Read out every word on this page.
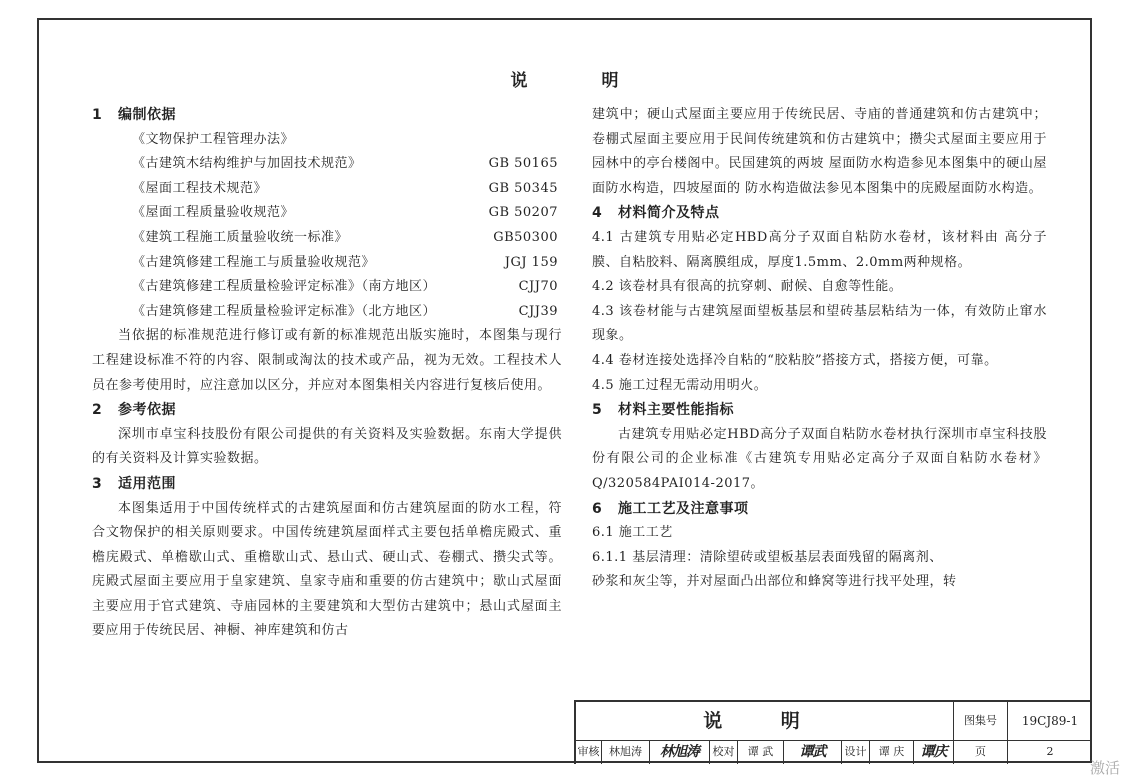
说 明
1 编制依据
《文物保护工程管理办法》
《古建筑木结构维护与加固技术规范》	GB 50165
《屋面工程技术规范》	GB 50345
《屋面工程质量验收规范》	GB 50207
《建筑工程施工质量验收统一标准》	GB50300
《古建筑修建工程施工与质量验收规范》	JGJ 159
《古建筑修建工程质量检验评定标准》（南方地区）	CJJ70
《古建筑修建工程质量检验评定标准》（北方地区）	CJJ39
当依据的标准规范进行修订或有新的标准规范出版实施时，本图集与现行工程建设标准不符的内容、限制或淘汰的技术或产品，视为无效。工程技术人员在参考使用时，应注意加以区分，并应对本图集相关内容进行复核后使用。
2 参考依据
深圳市卓宝科技股份有限公司提供的有关资料及实验数据。东南大学提供的有关资料及计算实验数据。
3 适用范围
本图集适用于中国传统样式的古建筑屋面和仿古建筑屋面的防水工程，符合文物保护的相关原则要求。中国传统建筑屋面样式主要包括单檐庑殿式、重檐庑殿式、单檐歇山式、重檐歇山式、悬山式、硬山式、卷棚式、攒尖式等。庑殿式屋面主要应用于皇家建筑、皇家寺庙和重要的仿古建筑中；歇山式屋面主要应用于官式建筑、寺庙园林的主要建筑和大型仿古建筑中；悬山式屋面主要应用于传统民居、神橱、神库建筑和仿古
建筑中；硬山式屋面主要应用于传统民居、寺庙的普通建筑和仿古建筑中；卷棚式屋面主要应用于民间传统建筑和仿古建筑中；攒尖式屋面主要应用于园林中的亭台楼阁中。民国建筑的两坡 屋面防水构造参见本图集中的硬山屋面防水构造，四坡屋面的 防水构造做法参见本图集中的庑殿屋面防水构造。
4 材料简介及特点
4.1 古建筑专用贴必定HBD高分子双面自粘防水卷材，该材料由 高分子膜、自粘胶料、隔离膜组成，厚度1.5mm、2.0mm两种规格。
4.2 该卷材具有很高的抗穿刺、耐候、自愈等性能。
4.3 该卷材能与古建筑屋面望板基层和望砖基层粘结为一体，有效防止窜水现象。
4.4 卷材连接处选择冷自粘的“胶粘胶”搭接方式，搭接方便，可靠。
4.5 施工过程无需动用明火。
5 材料主要性能指标
古建筑专用贴必定HBD高分子双面自粘防水卷材执行深圳市卓宝科技股份有限公司的企业标准《古建筑专用贴必定高分子双面自粘防水卷材》Q/320584PAI014-2017。
6 施工工艺及注意事项
6.1 施工工艺
6.1.1 基层清理：清除望砖或望板基层表面残留的隔离剂、
砂浆和灰尘等，并对屋面凸出部位和蜂窝等进行找平处理，转
说 明	图集号	19CJ89-1
审核 林旭涛	林旭涛	校对	谭 武	谭武	设计	谭 庆	谭庆	页	2
激活
